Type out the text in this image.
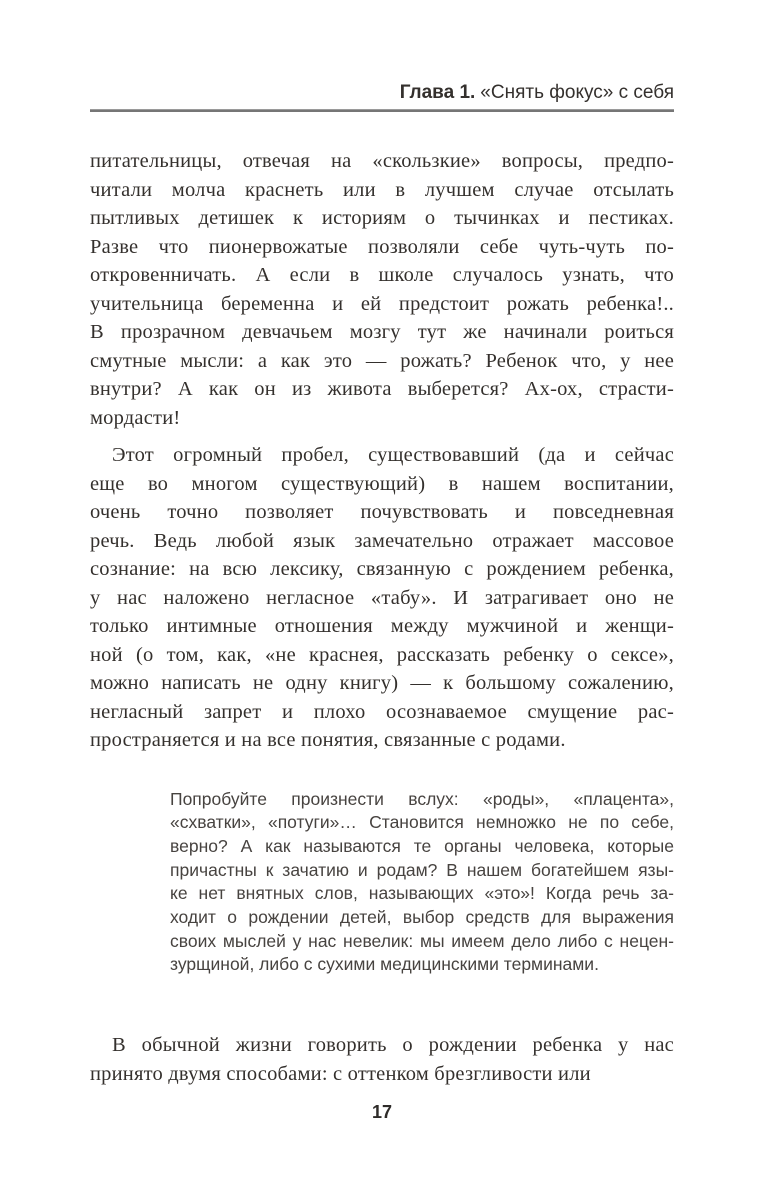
Глава 1. «Снять фокус» с себя
питательницы, отвечая на «скользкие» вопросы, предпо-
читали молча краснеть или в лучшем случае отсылать
пытливых детишек к историям о тычинках и пестиках.
Разве что пионервожатые позволяли себе чуть-чуть по-
откровенничать. А если в школе случалось узнать, что
учительница беременна и ей предстоит рожать ребенка!..
В прозрачном девчачьем мозгу тут же начинали роиться
смутные мысли: а как это — рожать? Ребенок что, у нее
внутри? А как он из живота выберется? Ах-ох, страсти-
мордасти!
Этот огромный пробел, существовавший (да и сейчас
еще во многом существующий) в нашем воспитании,
очень точно позволяет почувствовать и повседневная
речь. Ведь любой язык замечательно отражает массовое
сознание: на всю лексику, связанную с рождением ребенка,
у нас наложено негласное «табу». И затрагивает оно не
только интимные отношения между мужчиной и женщи-
ной (о том, как, «не краснея, рассказать ребенку о сексе»,
можно написать не одну книгу) — к большому сожалению,
негласный запрет и плохо осознаваемое смущение рас-
пространяется и на все понятия, связанные с родами.
Попробуйте произнести вслух: «роды», «плацента»,
«схватки», «потуги»… Становится немножко не по себе,
верно? А как называются те органы человека, которые
причастны к зачатию и родам? В нашем богатейшем язы-
ке нет внятных слов, называющих «это»! Когда речь за-
ходит о рождении детей, выбор средств для выражения
своих мыслей у нас невелик: мы имеем дело либо с нецен-
зурщиной, либо с сухими медицинскими терминами.
В обычной жизни говорить о рождении ребенка у нас
принято двумя способами: с оттенком брезгливости или
17
